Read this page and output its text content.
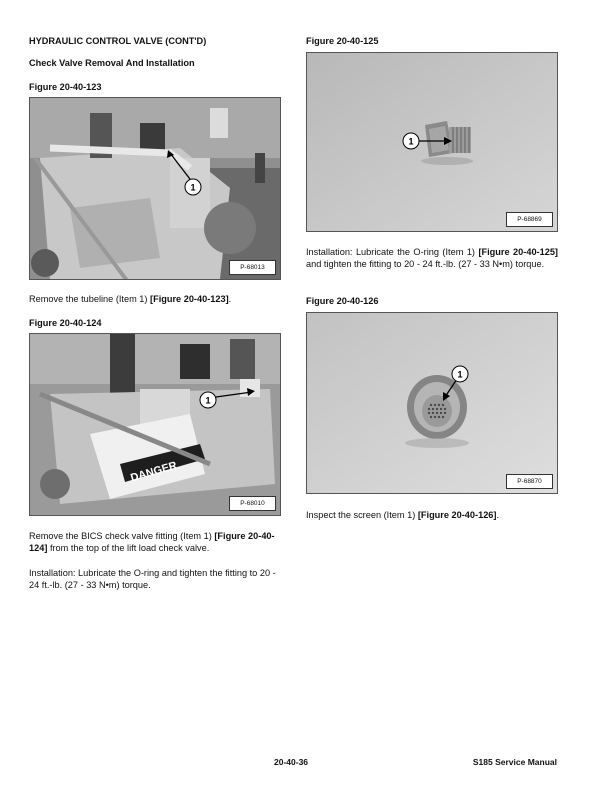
HYDRAULIC CONTROL VALVE (CONT'D)
Check Valve Removal And Installation
Figure 20-40-123
1
P-68013
Remove the tubeline (Item 1) [Figure 20-40-123].
Figure 20-40-124
DANGER
1
P-68010
Remove the BICS check valve fitting (Item 1) [Figure 20-40-124] from the top of the lift load check valve.
Installation: Lubricate the O-ring and tighten the fitting to 20 - 24 ft.-lb. (27 - 33 N•m) torque.
Figure 20-40-125
1
P-68869
Installation: Lubricate the O-ring (Item 1) [Figure 20-40-125] and tighten the fitting to 20 - 24 ft.-lb. (27 - 33 N•m) torque.
Figure 20-40-126
1
P-68870
Inspect the screen (Item 1) [Figure 20-40-126].
20-40-36	S185 Service Manual
